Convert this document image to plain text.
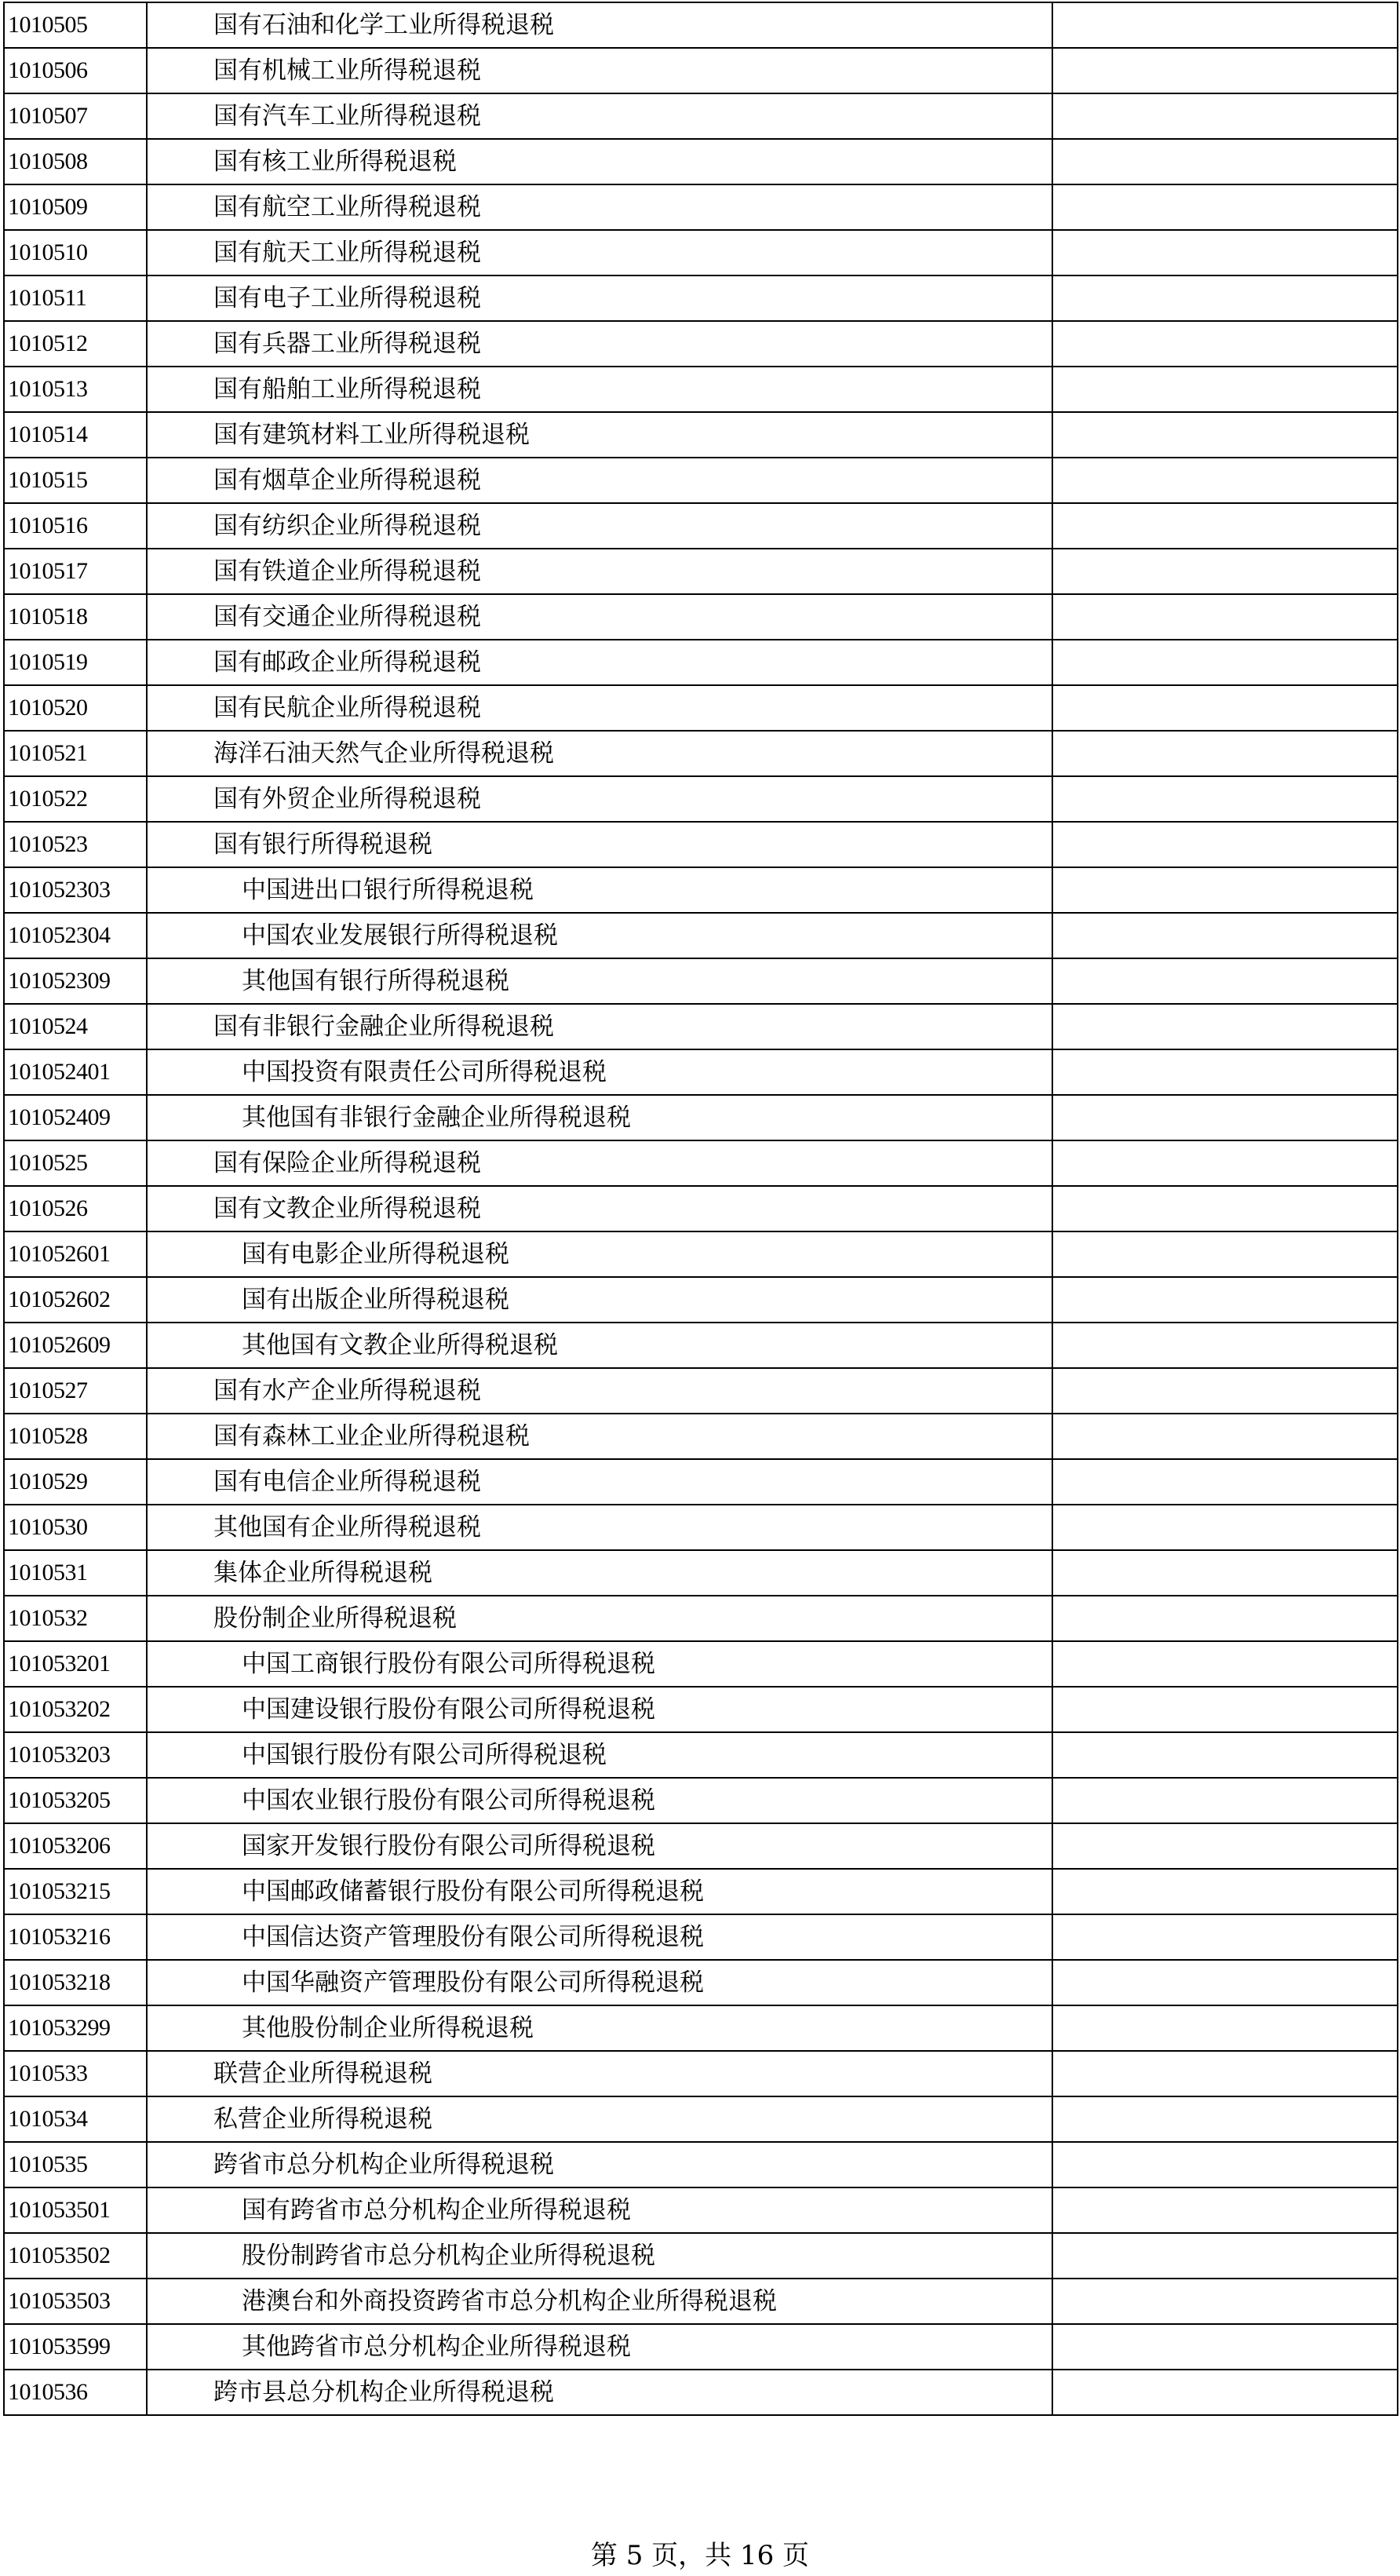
1010505	国有石油和化学工业所得税退税	
1010506	国有机械工业所得税退税	
1010507	国有汽车工业所得税退税	
1010508	国有核工业所得税退税	
1010509	国有航空工业所得税退税	
1010510	国有航天工业所得税退税	
1010511	国有电子工业所得税退税	
1010512	国有兵器工业所得税退税	
1010513	国有船舶工业所得税退税	
1010514	国有建筑材料工业所得税退税	
1010515	国有烟草企业所得税退税	
1010516	国有纺织企业所得税退税	
1010517	国有铁道企业所得税退税	
1010518	国有交通企业所得税退税	
1010519	国有邮政企业所得税退税	
1010520	国有民航企业所得税退税	
1010521	海洋石油天然气企业所得税退税	
1010522	国有外贸企业所得税退税	
1010523	国有银行所得税退税	
101052303	中国进出口银行所得税退税	
101052304	中国农业发展银行所得税退税	
101052309	其他国有银行所得税退税	
1010524	国有非银行金融企业所得税退税	
101052401	中国投资有限责任公司所得税退税	
101052409	其他国有非银行金融企业所得税退税	
1010525	国有保险企业所得税退税	
1010526	国有文教企业所得税退税	
101052601	国有电影企业所得税退税	
101052602	国有出版企业所得税退税	
101052609	其他国有文教企业所得税退税	
1010527	国有水产企业所得税退税	
1010528	国有森林工业企业所得税退税	
1010529	国有电信企业所得税退税	
1010530	其他国有企业所得税退税	
1010531	集体企业所得税退税	
1010532	股份制企业所得税退税	
101053201	中国工商银行股份有限公司所得税退税	
101053202	中国建设银行股份有限公司所得税退税	
101053203	中国银行股份有限公司所得税退税	
101053205	中国农业银行股份有限公司所得税退税	
101053206	国家开发银行股份有限公司所得税退税	
101053215	中国邮政储蓄银行股份有限公司所得税退税	
101053216	中国信达资产管理股份有限公司所得税退税	
101053218	中国华融资产管理股份有限公司所得税退税	
101053299	其他股份制企业所得税退税	
1010533	联营企业所得税退税	
1010534	私营企业所得税退税	
1010535	跨省市总分机构企业所得税退税	
101053501	国有跨省市总分机构企业所得税退税	
101053502	股份制跨省市总分机构企业所得税退税	
101053503	港澳台和外商投资跨省市总分机构企业所得税退税	
101053599	其他跨省市总分机构企业所得税退税	
1010536	跨市县总分机构企业所得税退税	
第 5 页，共 16 页
